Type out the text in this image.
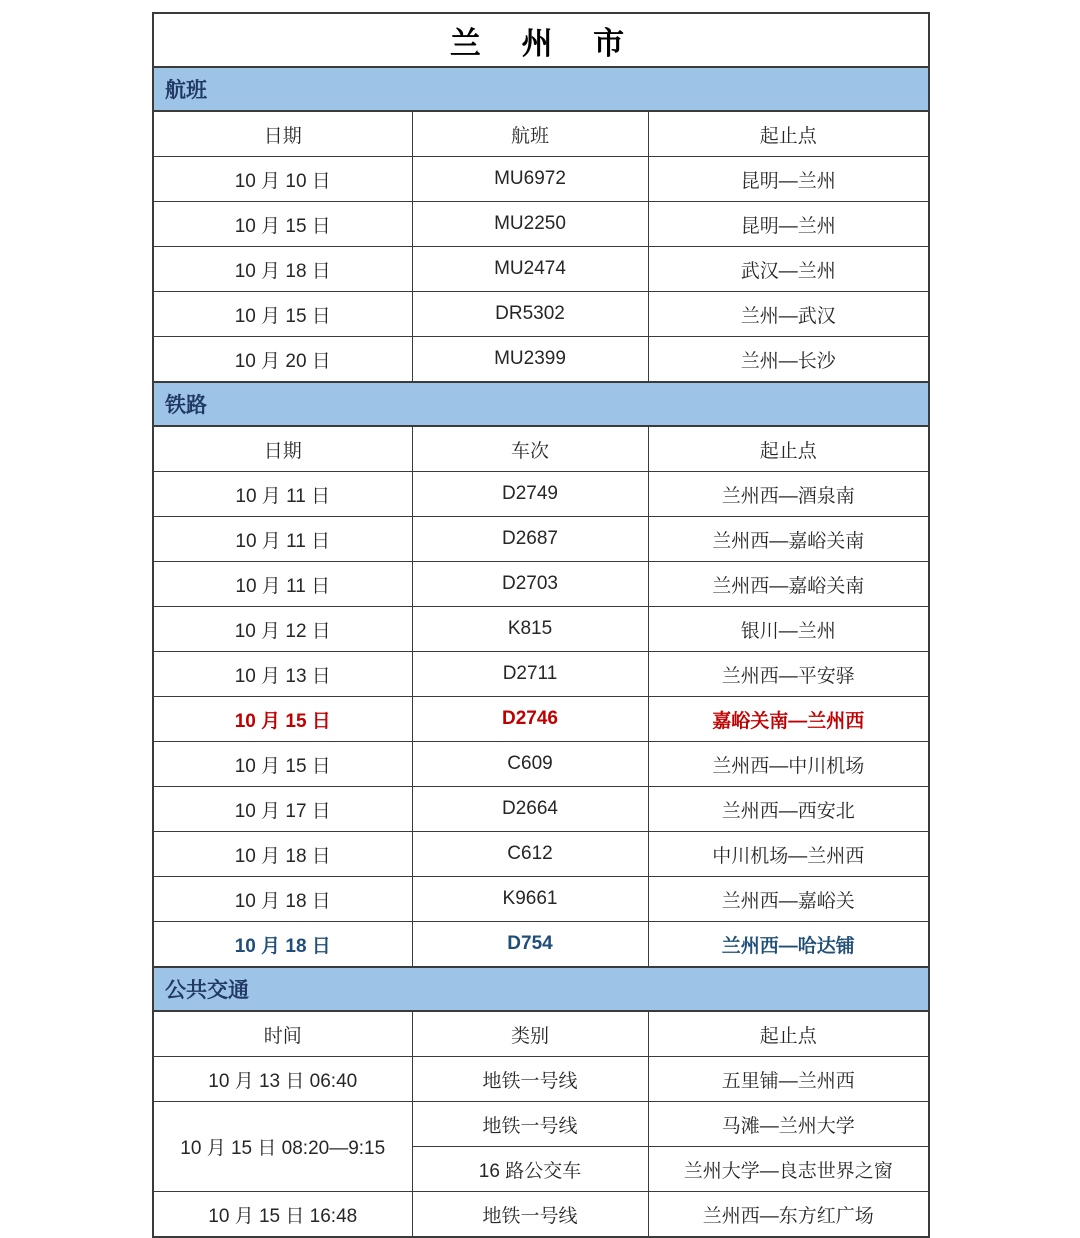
兰 州 市		
航班		
日期	航班	起止点
10 月 10 日	MU6972	昆明—兰州
10 月 15 日	MU2250	昆明—兰州
10 月 18 日	MU2474	武汉—兰州
10 月 15 日	DR5302	兰州—武汉
10 月 20 日	MU2399	兰州—长沙
铁路		
日期	车次	起止点
10 月 11 日	D2749	兰州西—酒泉南
10 月 11 日	D2687	兰州西—嘉峪关南
10 月 11 日	D2703	兰州西—嘉峪关南
10 月 12 日	K815	银川—兰州
10 月 13 日	D2711	兰州西—平安驿
10 月 15 日	D2746	嘉峪关南—兰州西
10 月 15 日	C609	兰州西—中川机场
10 月 17 日	D2664	兰州西—西安北
10 月 18 日	C612	中川机场—兰州西
10 月 18 日	K9661	兰州西—嘉峪关
10 月 18 日	D754	兰州西—哈达铺
公共交通		
时间	类别	起止点
10 月 13 日 06:40	地铁一号线	五里铺—兰州西
10 月 15 日 08:20—9:15	地铁一号线	马滩—兰州大学
	16 路公交车	兰州大学—良志世界之窗
10 月 15 日 16:48	地铁一号线	兰州西—东方红广场
